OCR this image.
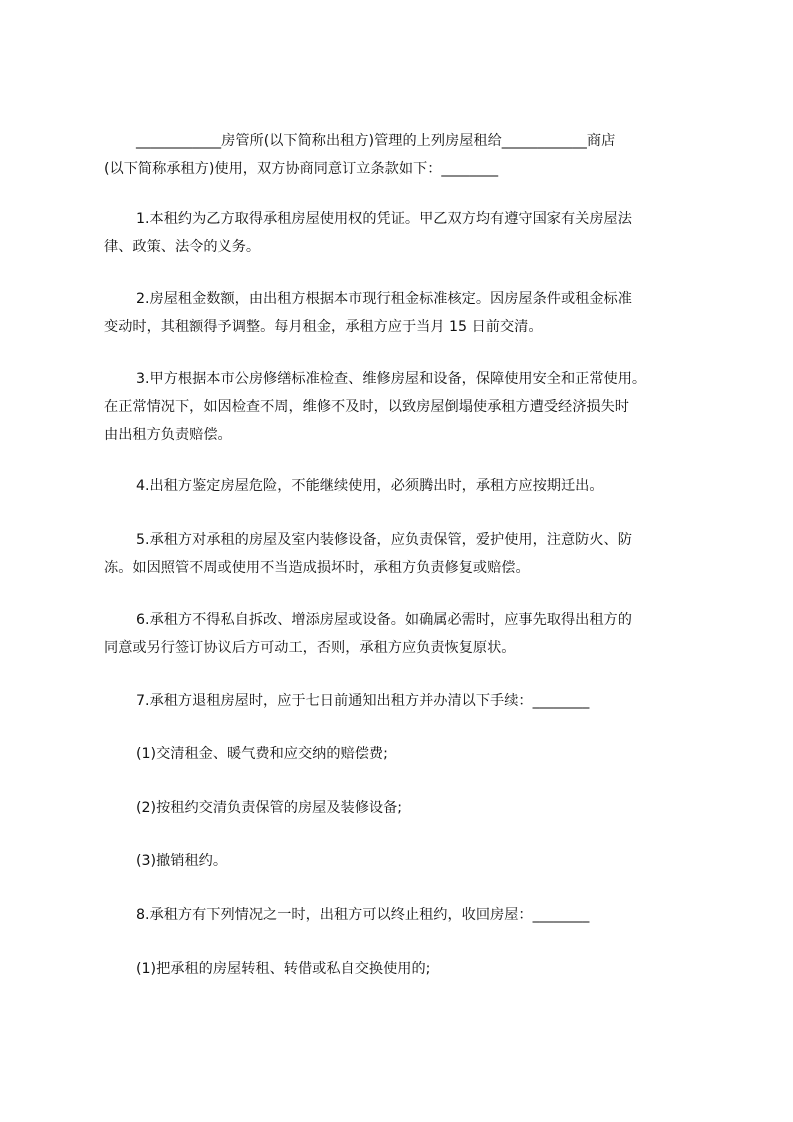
____________房管所(以下简称出租方)管理的上列房屋租给____________商店
(以下简称承租方)使用，双方协商同意订立条款如下：________
1.本租约为乙方取得承租房屋使用权的凭证。甲乙双方均有遵守国家有关房屋法
律、政策、法令的义务。
2.房屋租金数额，由出租方根据本市现行租金标准核定。因房屋条件或租金标准
变动时，其租额得予调整。每月租金，承租方应于当月 15 日前交清。
3.甲方根据本市公房修缮标准检查、维修房屋和设备，保障使用安全和正常使用。
在正常情况下，如因检查不周，维修不及时，以致房屋倒塌使承租方遭受经济损失时
由出租方负责赔偿。
4.出租方鉴定房屋危险，不能继续使用，必须腾出时，承租方应按期迁出。
5.承租方对承租的房屋及室内装修设备，应负责保管，爱护使用，注意防火、防
冻。如因照管不周或使用不当造成损坏时，承租方负责修复或赔偿。
6.承租方不得私自拆改、增添房屋或设备。如确属必需时，应事先取得出租方的
同意或另行签订协议后方可动工，否则，承租方应负责恢复原状。
7.承租方退租房屋时，应于七日前通知出租方并办清以下手续：________
(1)交清租金、暖气费和应交纳的赔偿费;
(2)按租约交清负责保管的房屋及装修设备;
(3)撤销租约。
8.承租方有下列情况之一时，出租方可以终止租约，收回房屋：________
(1)把承租的房屋转租、转借或私自交换使用的;
